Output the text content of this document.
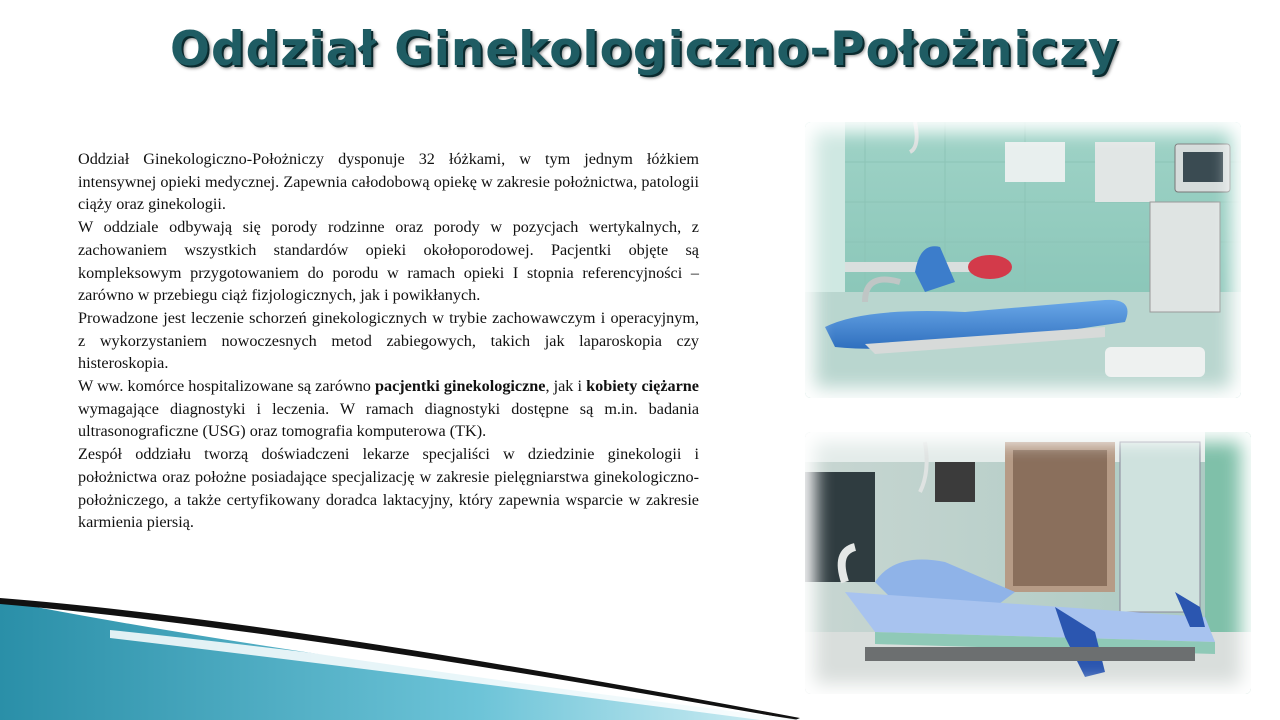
Oddział Ginekologiczno-Położniczy

Oddział Ginekologiczno-Położniczy dysponuje 32 łóżkami, w tym jednym łóżkiem intensywnej opieki medycznej. Zapewnia całodobową opiekę w zakresie położnictwa, patologii ciąży oraz ginekologii.

W oddziale odbywają się porody rodzinne oraz porody w pozycjach wertykalnych, z zachowaniem wszystkich standardów opieki okołoporodowej. Pacjentki objęte są kompleksowym przygotowaniem do porodu w ramach opieki I stopnia referencyjności – zarówno w przebiegu ciąż fizjologicznych, jak i powikłanych.

Prowadzone jest leczenie schorzeń ginekologicznych w trybie zachowawczym i operacyjnym, z wykorzystaniem nowoczesnych metod zabiegowych, takich jak laparoskopia czy histeroskopia.

W ww. komórce hospitalizowane są zarówno pacjentki ginekologiczne, jak i kobiety ciężarne wymagające diagnostyki i leczenia. W ramach diagnostyki dostępne są m.in. badania ultrasonograficzne (USG) oraz tomografia komputerowa (TK).

Zespół oddziału tworzą doświadczeni lekarze specjaliści w dziedzinie ginekologii i położnictwa oraz położne posiadające specjalizację w zakresie pielęgniarstwa ginekologiczno-położniczego, a także certyfikowany doradca laktacyjny, który zapewnia wsparcie w zakresie karmienia piersią.
